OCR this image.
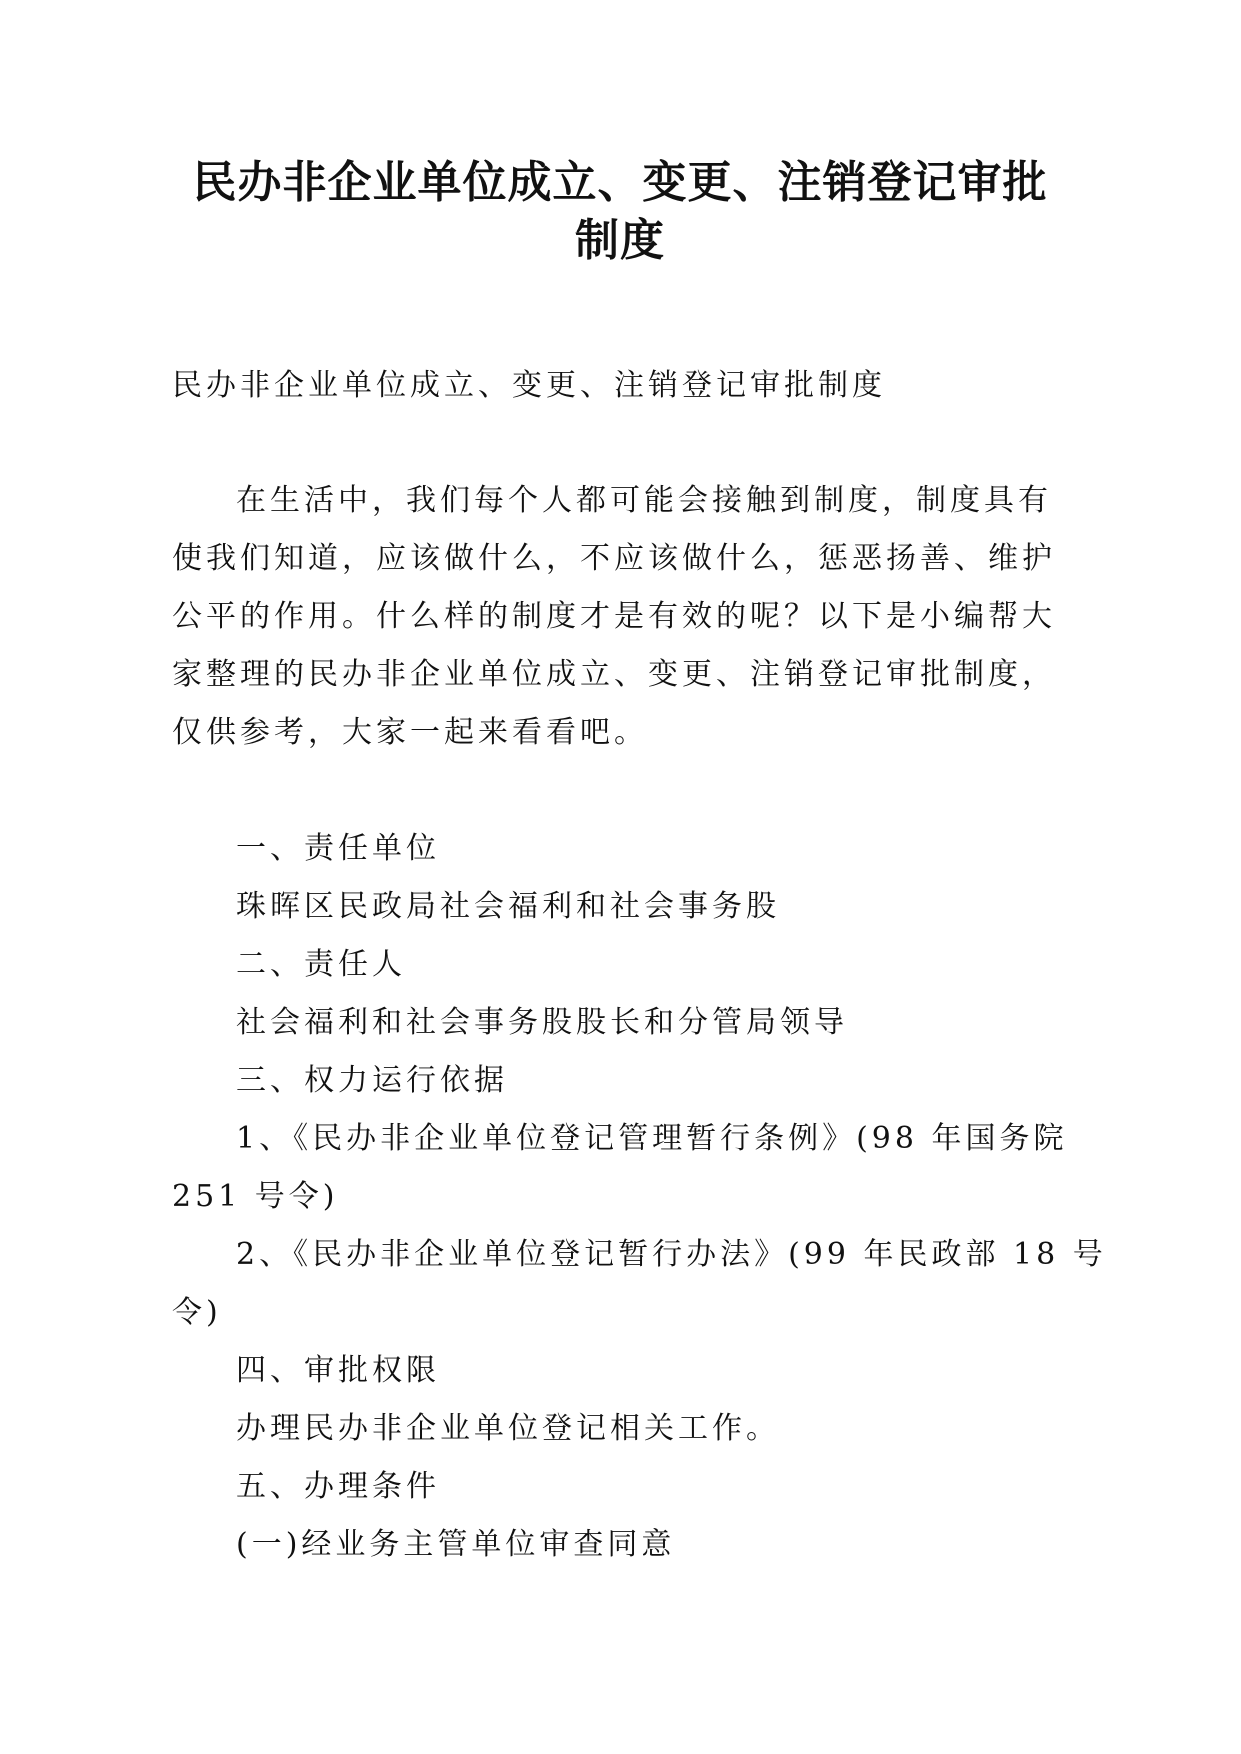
民办非企业单位成立、变更、注销登记审批
制度

民办非企业单位成立、变更、注销登记审批制度

在生活中，我们每个人都可能会接触到制度，制度具有
使我们知道，应该做什么，不应该做什么，惩恶扬善、维护
公平的作用。什么样的制度才是有效的呢？以下是小编帮大
家整理的民办非企业单位成立、变更、注销登记审批制度，
仅供参考，大家一起来看看吧。
一、责任单位
珠晖区民政局社会福利和社会事务股
二、责任人
社会福利和社会事务股股长和分管局领导
三、权力运行依据
1、《民办非企业单位登记管理暂行条例》(98 年国务院
251 号令)
2、《民办非企业单位登记暂行办法》(99 年民政部 18 号
令)
四、审批权限
办理民办非企业单位登记相关工作。
五、办理条件
(一)经业务主管单位审查同意
